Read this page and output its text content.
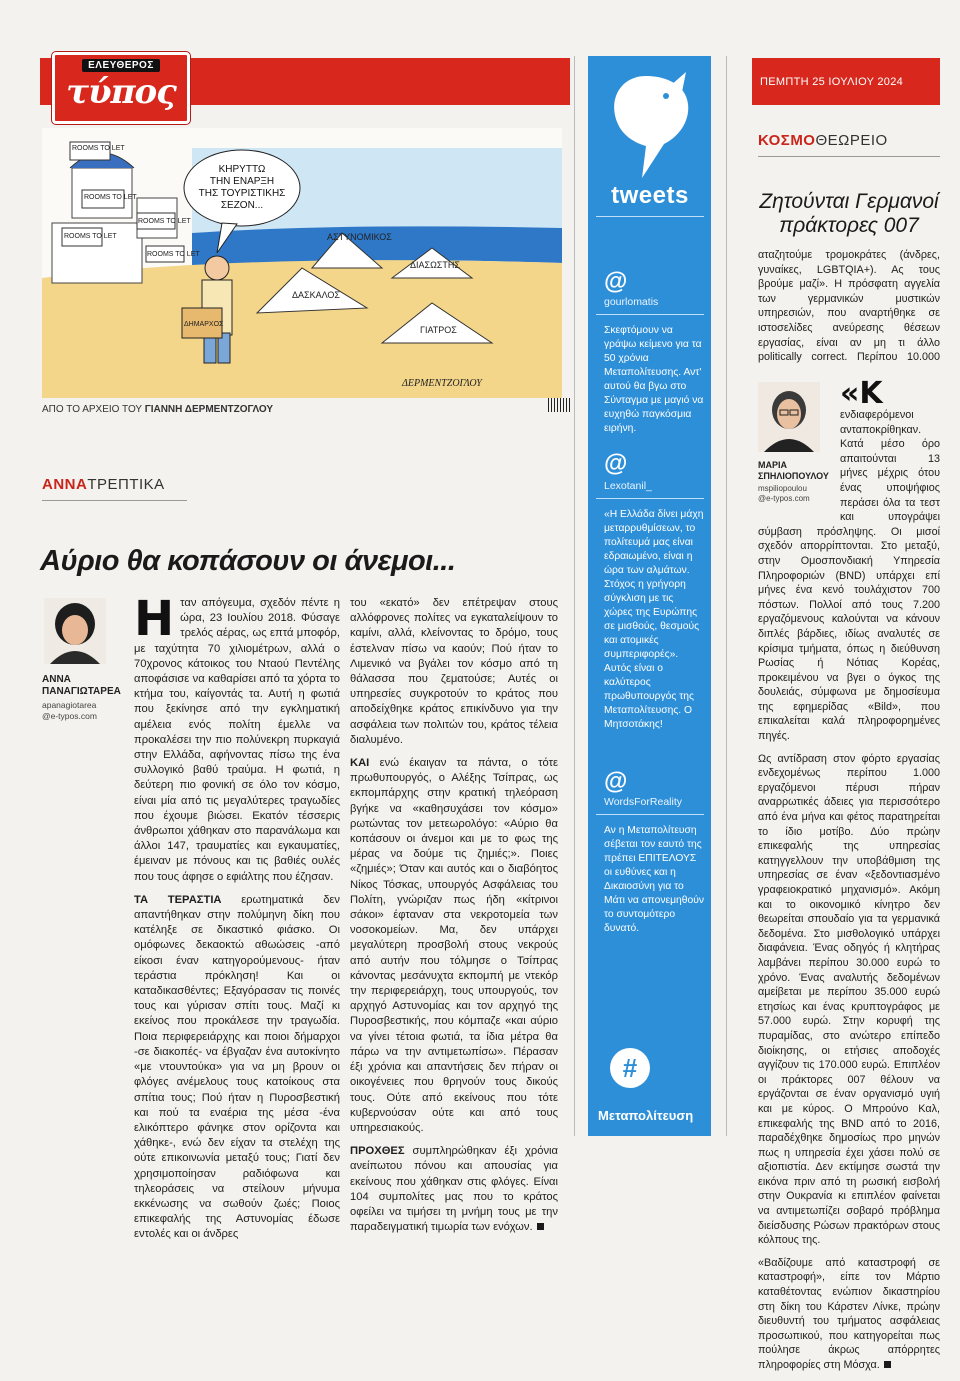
ΕΛΕΥΘΕΡΟΣ
τύπος	ΠΕΜΠΤΗ 25 ΙΟΥΛΙΟΥ 2024
ROOMS TO LET
ROOMS TO LET
ROOMS TO LET
ROOMS TO LET
ROOMS TO LET
ΚΗΡΥΤΤΩ
ΤΗΝ ΕΝΑΡΞΗ
ΤΗΣ ΤΟΥΡΙΣΤΙΚΗΣ
ΣΕΖΟΝ...
ΔΗΜΑΡΧΟΣ
ΑΣΤΥΝΟΜΙΚΟΣ
ΔΙΑΣΩΣΤΗΣ
ΔΑΣΚΑΛΟΣ
ΓΙΑΤΡΟΣ
ΔΕΡΜΕΝΤΖΟΓΛΟΥ
ΑΠΟ ΤΟ ΑΡΧΕΙΟ ΤΟΥ ΓΙΑΝΝΗ ΔΕΡΜΕΝΤΖΟΓΛΟΥ
ΑΝΝΑΤΡΕΠΤΙΚΑ
Αύριο θα κοπάσουν οι άνεμοι...
ΑΝΝΑ
ΠΑΝΑΓΙΩΤΑΡΕΑ
apanagiotarea
@e-typos.com

Ηταν απόγευμα, σχεδόν πέντε η ώρα, 23 Ιουλίου 2018. Φύσαγε τρελός αέρας, ως επτά μποφόρ, με ταχύτητα 70 χιλιομέτρων, αλλά ο 70χρονος κάτοικος του Νταού Πεντέλης αποφάσισε να καθαρίσει από τα χόρτα το κτήμα του, καίγοντάς τα. Αυτή η φωτιά που ξεκίνησε από την εγκληματική αμέλεια ενός πολίτη έμελλε να προκαλέσει την πιο πολύνεκρη πυρκαγιά στην Ελλάδα, αφήνοντας πίσω της ένα συλλογικό βαθύ τραύμα. Η φωτιά, η δεύτερη πιο φονική σε όλο τον κόσμο, είναι μία από τις μεγαλύτερες τραγωδίες που έχουμε βιώσει. Εκατόν τέσσερις άνθρωποι χάθηκαν στο παρανάλωμα και άλλοι 147, τραυματίες και εγκαυματίες, έμειναν με πόνους και τις βαθιές ουλές που τους άφησε ο εφιάλτης που έζησαν.

ΤΑ ΤΕΡΑΣΤΙΑ ερωτηματικά δεν απαντήθηκαν στην πολύμηνη δίκη που κατέληξε σε δικαστικό φιάσκο. Οι ομόφωνες δεκαοκτώ αθωώσεις -από είκοσι έναν κατηγορούμενους- ήταν τεράστια πρόκληση! Και οι καταδικασθέντες; Εξαγόρασαν τις ποινές τους και γύρισαν σπίτι τους. Μαζί κι εκείνος που προκάλεσε την τραγωδία. Ποια περιφερειάρχης και ποιοι δήμαρχοι -σε διακοπές- να έβγαζαν ένα αυτοκίνητο «με ντουντούκα» για να μη βρουν οι φλόγες ανέμελους τους κατοίκους στα σπίτια τους; Πού ήταν η Πυροσβεστική και πού τα εναέρια της μέσα -ένα ελικόπτερο φάνηκε στον ορίζοντα και χάθηκε-, ενώ δεν είχαν τα στελέχη της ούτε επικοινωνία μεταξύ τους; Γιατί δεν χρησιμοποίησαν ραδιόφωνα και τηλεοράσεις να στείλουν μήνυμα εκκένωσης να σωθούν ζωές; Ποιος επικεφαλής της Αστυνομίας έδωσε εντολές και οι άνδρες

του «εκατό» δεν επέτρεψαν στους αλλόφρονες πολίτες να εγκαταλείψουν το καμίνι, αλλά, κλείνοντας το δρόμο, τους έστελναν πίσω να καούν; Πού ήταν το Λιμενικό να βγάλει τον κόσμο από τη θάλασσα που ζεματούσε; Αυτές οι υπηρεσίες συγκροτούν το κράτος που αποδείχθηκε κράτος επικίνδυνο για την ασφάλεια των πολιτών του, κράτος τέλεια διαλυμένο.

ΚΑΙ ενώ έκαιγαν τα πάντα, ο τότε πρωθυπουργός, ο Αλέξης Τσίπρας, ως εκπομπάρχης στην κρατική τηλεόραση βγήκε να «καθησυχάσει τον κόσμο» ρωτώντας τον μετεωρολόγο: «Αύριο θα κοπάσουν οι άνεμοι και με το φως της μέρας να δούμε τις ζημιές;». Ποιες «ζημιές»; Όταν και αυτός και ο διαβόητος Νίκος Τόσκας, υπουργός Ασφάλειας του Πολίτη, γνώριζαν πως ήδη «κίτρινοι σάκοι» έφταναν στα νεκροτομεία των νοσοκομείων. Μα, δεν υπάρχει μεγαλύτερη προσβολή στους νεκρούς από αυτήν που τόλμησε ο Τσίπρας κάνοντας μεσάνυχτα εκπομπή με ντεκόρ την περιφερειάρχη, τους υπουργούς, τον αρχηγό Αστυνομίας και τον αρχηγό της Πυροσβεστικής, που κόμπαζε «και αύριο να γίνει τέτοια φωτιά, τα ίδια μέτρα θα πάρω να την αντιμετωπίσω». Πέρασαν έξι χρόνια και απαντήσεις δεν πήραν οι οικογένειες που θρηνούν τους δικούς τους. Ούτε από εκείνους που τότε κυβερνούσαν ούτε και από τους υπηρεσιακούς.

ΠΡΟΧΘΕΣ συμπληρώθηκαν έξι χρόνια ανείπωτου πόνου και απουσίας για εκείνους που χάθηκαν στις φλόγες. Είναι 104 συμπολίτες μας που το κράτος οφείλει να τιμήσει τη μνήμη τους με την παραδειγματική τιμωρία των ενόχων.

tweets
@
gourlomatis
Σκεφτόμουν να γράψω κείμενο για τα 50 χρόνια Μεταπολίτευσης. Αντ' αυτού θα βγω στο Σύνταγμα με μαγιό να ευχηθώ παγκόσμια ειρήνη.
@
Lexotanil_
«Η Ελλάδα δίνει μάχη μεταρρυθμίσεων, το πολίτευμά μας είναι εδραιωμένο, είναι η ώρα των αλμάτων. Στόχος η γρήγορη σύγκλιση με τις χώρες της Ευρώπης σε μισθούς, θεσμούς και ατομικές συμπεριφορές». Αυτός είναι ο καλύτερος πρωθυπουργός της Μεταπολίτευσης. Ο Μητσοτάκης!
@
WordsForReality
Αν η Μεταπολίτευση σέβεται τον εαυτό της πρέπει ΕΠΙΤΕΛΟΥΣ οι ευθύνες και η Δικαιοσύνη για το Μάτι να απονεμηθούν το συντομότερο δυνατό.
#
Μεταπολίτευση
ΚΟΣΜΟΘΕΩΡΕΙΟ
Ζητούνται Γερμανοί πράκτορες 007
ΜΑΡΙΑ
ΣΠΗΛΙΟΠΟΥΛΟΥ
mspiliopoulou
@e-typos.com

«Κ
αταζητούμε τρομοκράτες (άνδρες, γυναίκες, LGBTQIA+). Ας τους βρούμε μαζί». Η πρόσφατη αγγελία των γερμανικών μυστικών υπηρεσιών, που αναρτήθηκε σε ιστοσελίδες ανεύρεσης θέσεων εργασίας, είναι αν μη τι άλλο politically correct. Περίπου 10.000 ενδιαφερόμενοι ανταποκρίθηκαν. Κατά μέσο όρο απαιτούνται 13 μήνες μέχρις ότου ένας υποψήφιος περάσει όλα τα τεστ και υπογράψει σύμβαση πρόσληψης. Οι μισοί σχεδόν απορρίπτονται. Στο μεταξύ, στην Ομοσπονδιακή Υπηρεσία Πληροφοριών (BND) υπάρχει επί μήνες ένα κενό τουλάχιστον 700 πόστων. Πολλοί από τους 7.200 εργαζόμενους καλούνται να κάνουν διπλές βάρδιες, ιδίως αναλυτές σε κρίσιμα τμήματα, όπως η διεύθυνση Ρωσίας ή Νότιας Κορέας, προκειμένου να βγει ο όγκος της δουλειάς, σύμφωνα με δημοσίευμα της εφημερίδας «Bild», που επικαλείται καλά πληροφορημένες πηγές.

Ως αντίδραση στον φόρτο εργασίας ενδεχομένως περίπου 1.000 εργαζόμενοι πέρυσι πήραν αναρρωτικές άδειες για περισσότερο από ένα μήνα και φέτος παρατηρείται το ίδιο μοτίβο. Δύο πρώην επικεφαλής της υπηρεσίας κατηγγελλουν την υποβάθμιση της υπηρεσίας σε έναν «ξεδοντιασμένο γραφειοκρατικό μηχανισμό». Ακόμη και το οικονομικό κίνητρο δεν θεωρείται σπουδαίο για τα γερμανικά δεδομένα. Στο μισθολογικό υπάρχει διαφάνεια. Ένας οδηγός ή κλητήρας λαμβάνει περίπου 30.000 ευρώ το χρόνο. Ένας αναλυτής δεδομένων αμείβεται με περίπου 35.000 ευρώ ετησίως και ένας κρυπτογράφος με 57.000 ευρώ. Στην κορυφή της πυραμίδας, στο ανώτερο επίπεδο διοίκησης, οι ετήσιες αποδοχές αγγίζουν τις 170.000 ευρώ. Επιπλέον οι πράκτορες 007 θέλουν να εργάζονται σε έναν οργανισμό υγιή και με κύρος. Ο Μπρούνο Καλ, επικεφαλής της BND από το 2016, παραδέχθηκε δημοσίως προ μηνών πως η υπηρεσία έχει χάσει πολύ σε αξιοπιστία. Δεν εκτίμησε σωστά την εικόνα πριν από τη ρωσική εισβολή στην Ουκρανία κι επιπλέον φαίνεται να αντιμετωπίζει σοβαρό πρόβλημα διείσδυσης Ρώσων πρακτόρων στους κόλπους της.

«Βαδίζουμε από καταστροφή σε καταστροφή», είπε τον Μάρτιο καταθέτοντας ενώπιον δικαστηρίου στη δίκη του Κάρστεν Λίνκε, πρώην διευθυντή του τμήματος ασφάλειας προσωπικού, που κατηγορείται πως πούλησε άκρως απόρρητες πληροφορίες στη Μόσχα.
